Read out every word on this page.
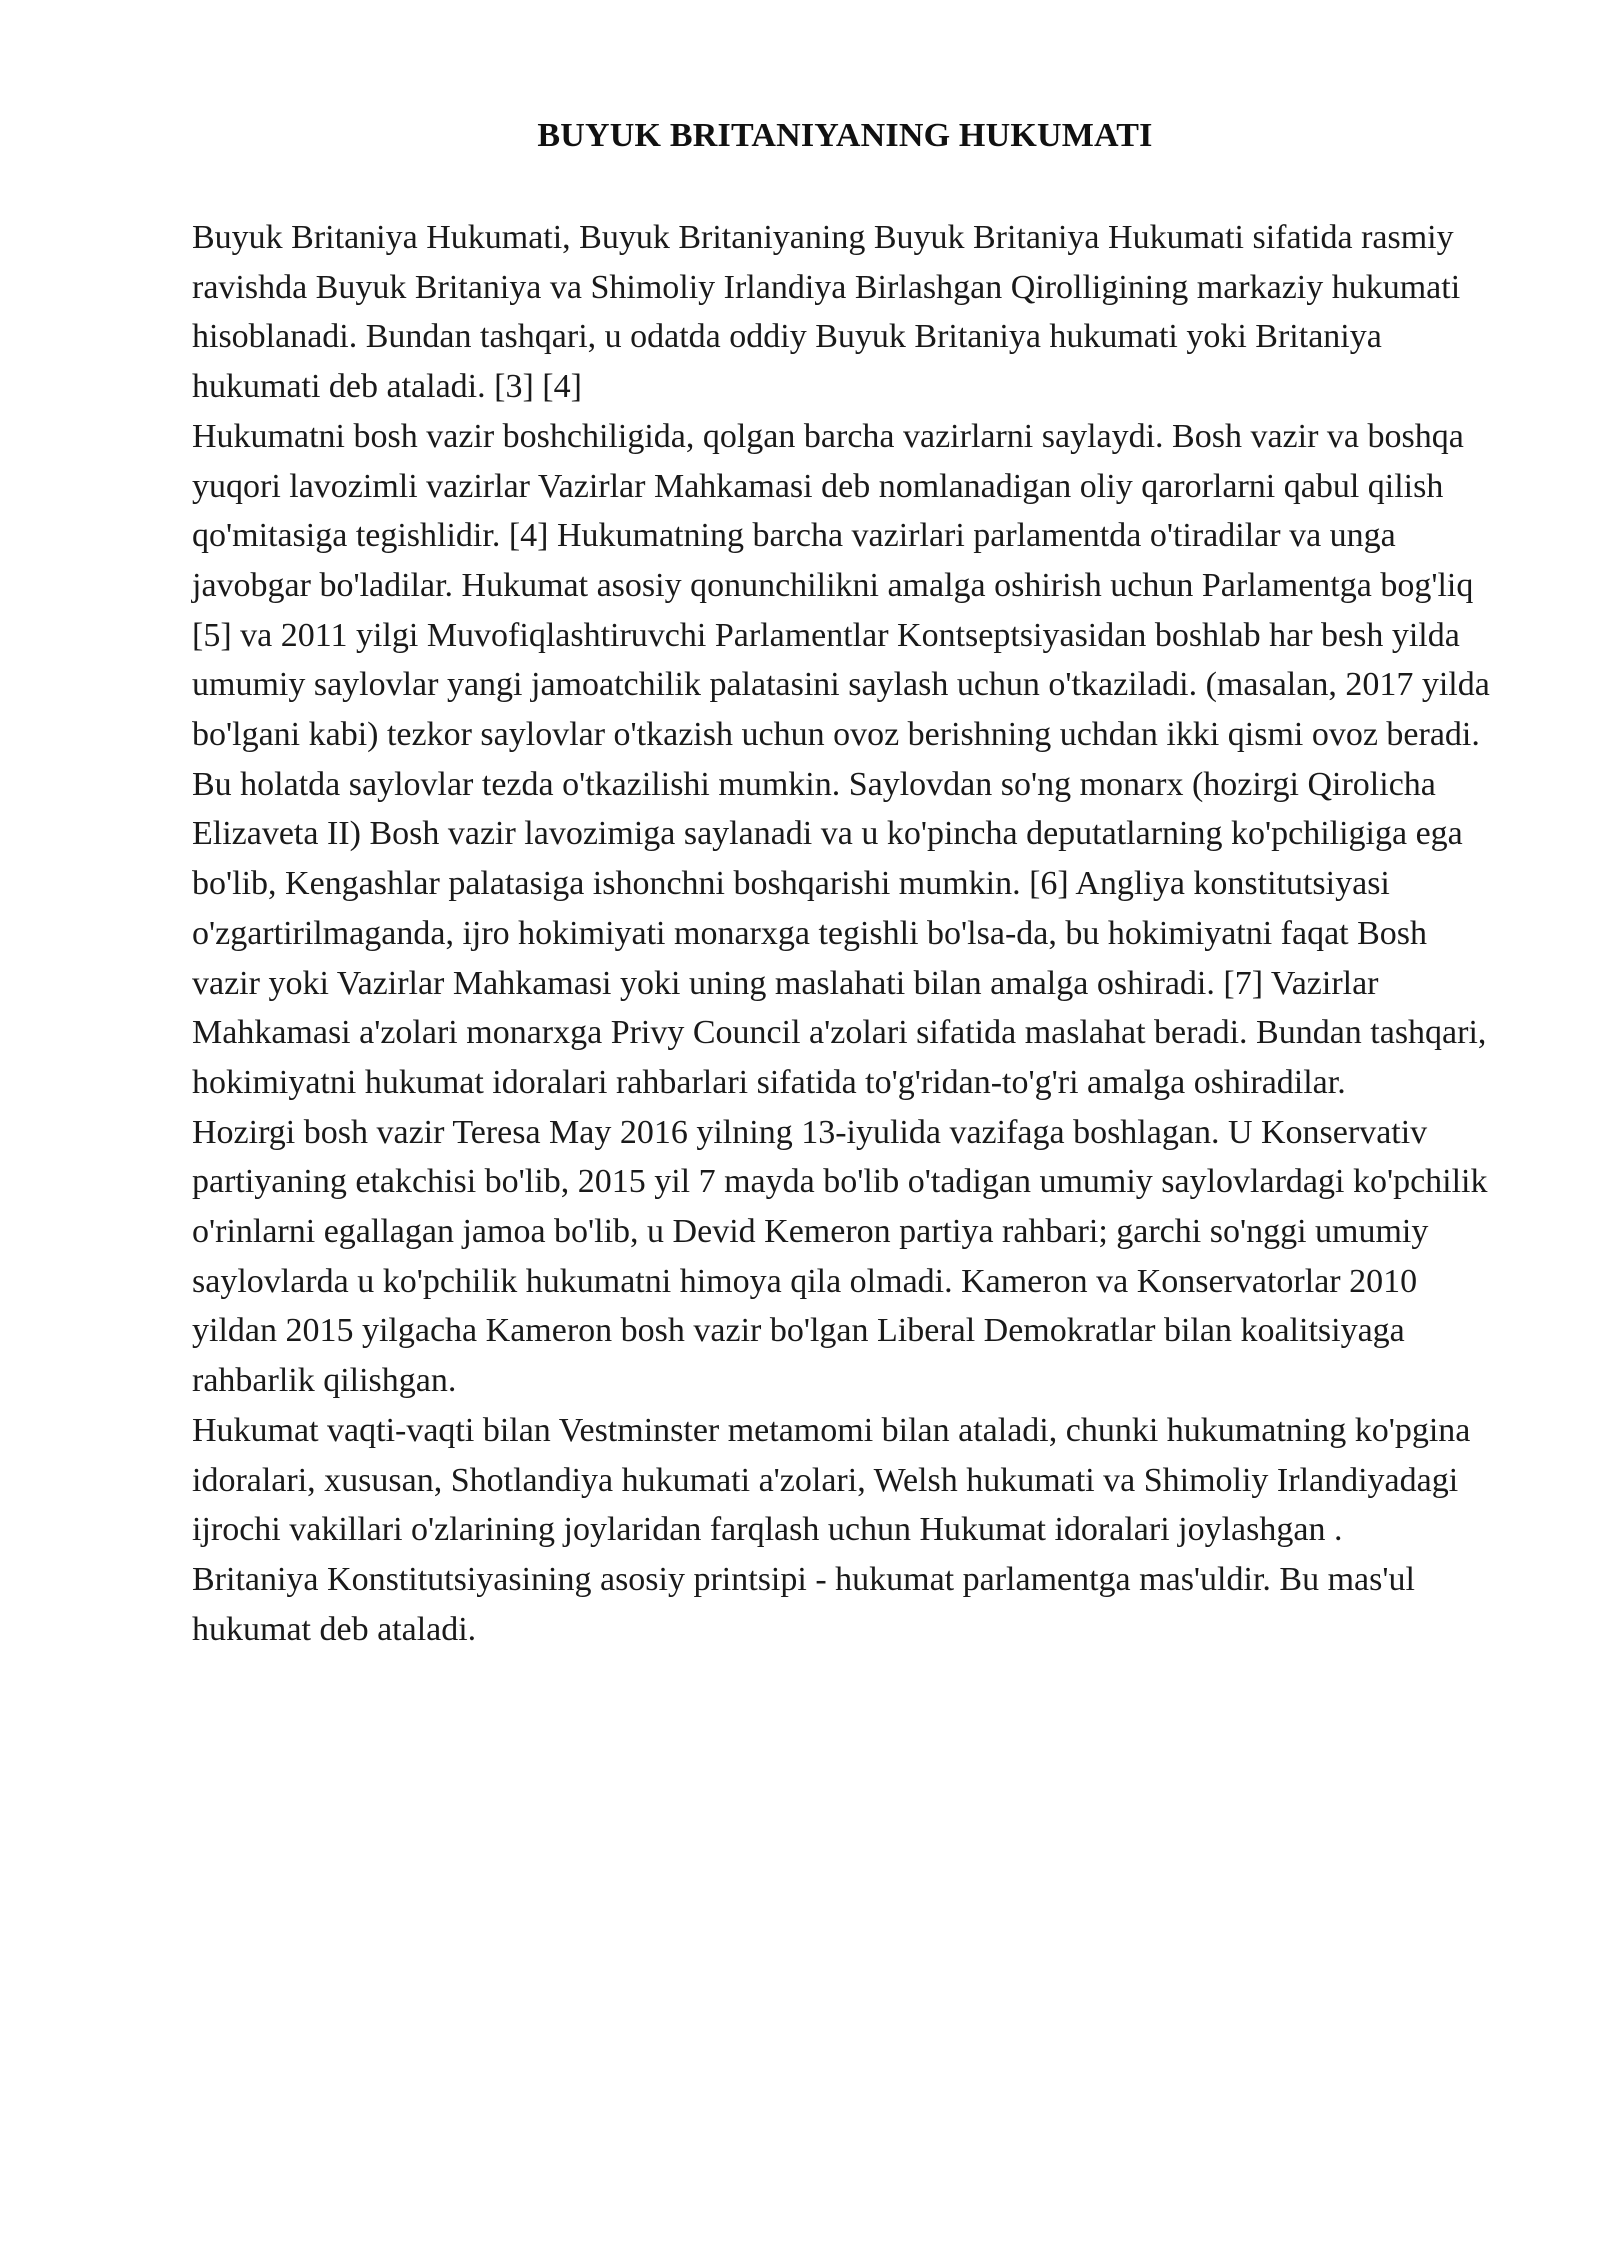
BUYUK BRITANIYANING HUKUMATI

Buyuk Britaniya Hukumati, Buyuk Britaniyaning Buyuk Britaniya Hukumati sifatida rasmiy ravishda Buyuk Britaniya va Shimoliy Irlandiya Birlashgan Qirolligining markaziy hukumati hisoblanadi. Bundan tashqari, u odatda oddiy Buyuk Britaniya hukumati yoki Britaniya hukumati deb ataladi. [3] [4]

Hukumatni bosh vazir boshchiligida, qolgan barcha vazirlarni saylaydi. Bosh vazir va boshqa yuqori lavozimli vazirlar Vazirlar Mahkamasi deb nomlanadigan oliy qarorlarni qabul qilish qo'mitasiga tegishlidir. [4] Hukumatning barcha vazirlari parlamentda o'tiradilar va unga javobgar bo'ladilar. Hukumat asosiy qonunchilikni amalga oshirish uchun Parlamentga bog'liq [5] va 2011 yilgi Muvofiqlashtiruvchi Parlamentlar Kontseptsiyasidan boshlab har besh yilda umumiy saylovlar yangi jamoatchilik palatasini saylash uchun o'tkaziladi. (masalan, 2017 yilda bo'lgani kabi) tezkor saylovlar o'tkazish uchun ovoz berishning uchdan ikki qismi ovoz beradi. Bu holatda saylovlar tezda o'tkazilishi mumkin. Saylovdan so'ng monarx (hozirgi Qirolicha Elizaveta II) Bosh vazir lavozimiga saylanadi va u ko'pincha deputatlarning ko'pchiligiga ega bo'lib, Kengashlar palatasiga ishonchni boshqarishi mumkin. [6] Angliya konstitutsiyasi o'zgartirilmaganda, ijro hokimiyati monarxga tegishli bo'lsa-da, bu hokimiyatni faqat Bosh vazir yoki Vazirlar Mahkamasi yoki uning maslahati bilan amalga oshiradi. [7] Vazirlar Mahkamasi a'zolari monarxga Privy Council a'zolari sifatida maslahat beradi. Bundan tashqari, hokimiyatni hukumat idoralari rahbarlari sifatida to'g'ridan-to'g'ri amalga oshiradilar.

Hozirgi bosh vazir Teresa May 2016 yilning 13-iyulida vazifaga boshlagan. U Konservativ partiyaning etakchisi bo'lib, 2015 yil 7 mayda bo'lib o'tadigan umumiy saylovlardagi ko'pchilik o'rinlarni egallagan jamoa bo'lib, u Devid Kemeron partiya rahbari; garchi so'nggi umumiy saylovlarda u ko'pchilik hukumatni himoya qila olmadi. Kameron va Konservatorlar 2010 yildan 2015 yilgacha Kameron bosh vazir bo'lgan Liberal Demokratlar bilan koalitsiyaga rahbarlik qilishgan.

Hukumat vaqti-vaqti bilan Vestminster metamomi bilan ataladi, chunki hukumatning ko'pgina idoralari, xususan, Shotlandiya hukumati a'zolari, Welsh hukumati va Shimoliy Irlandiyadagi ijrochi vakillari o'zlarining joylaridan farqlash uchun Hukumat idoralari joylashgan .

Britaniya Konstitutsiyasining asosiy printsipi - hukumat parlamentga mas'uldir. Bu mas'ul hukumat deb ataladi.
